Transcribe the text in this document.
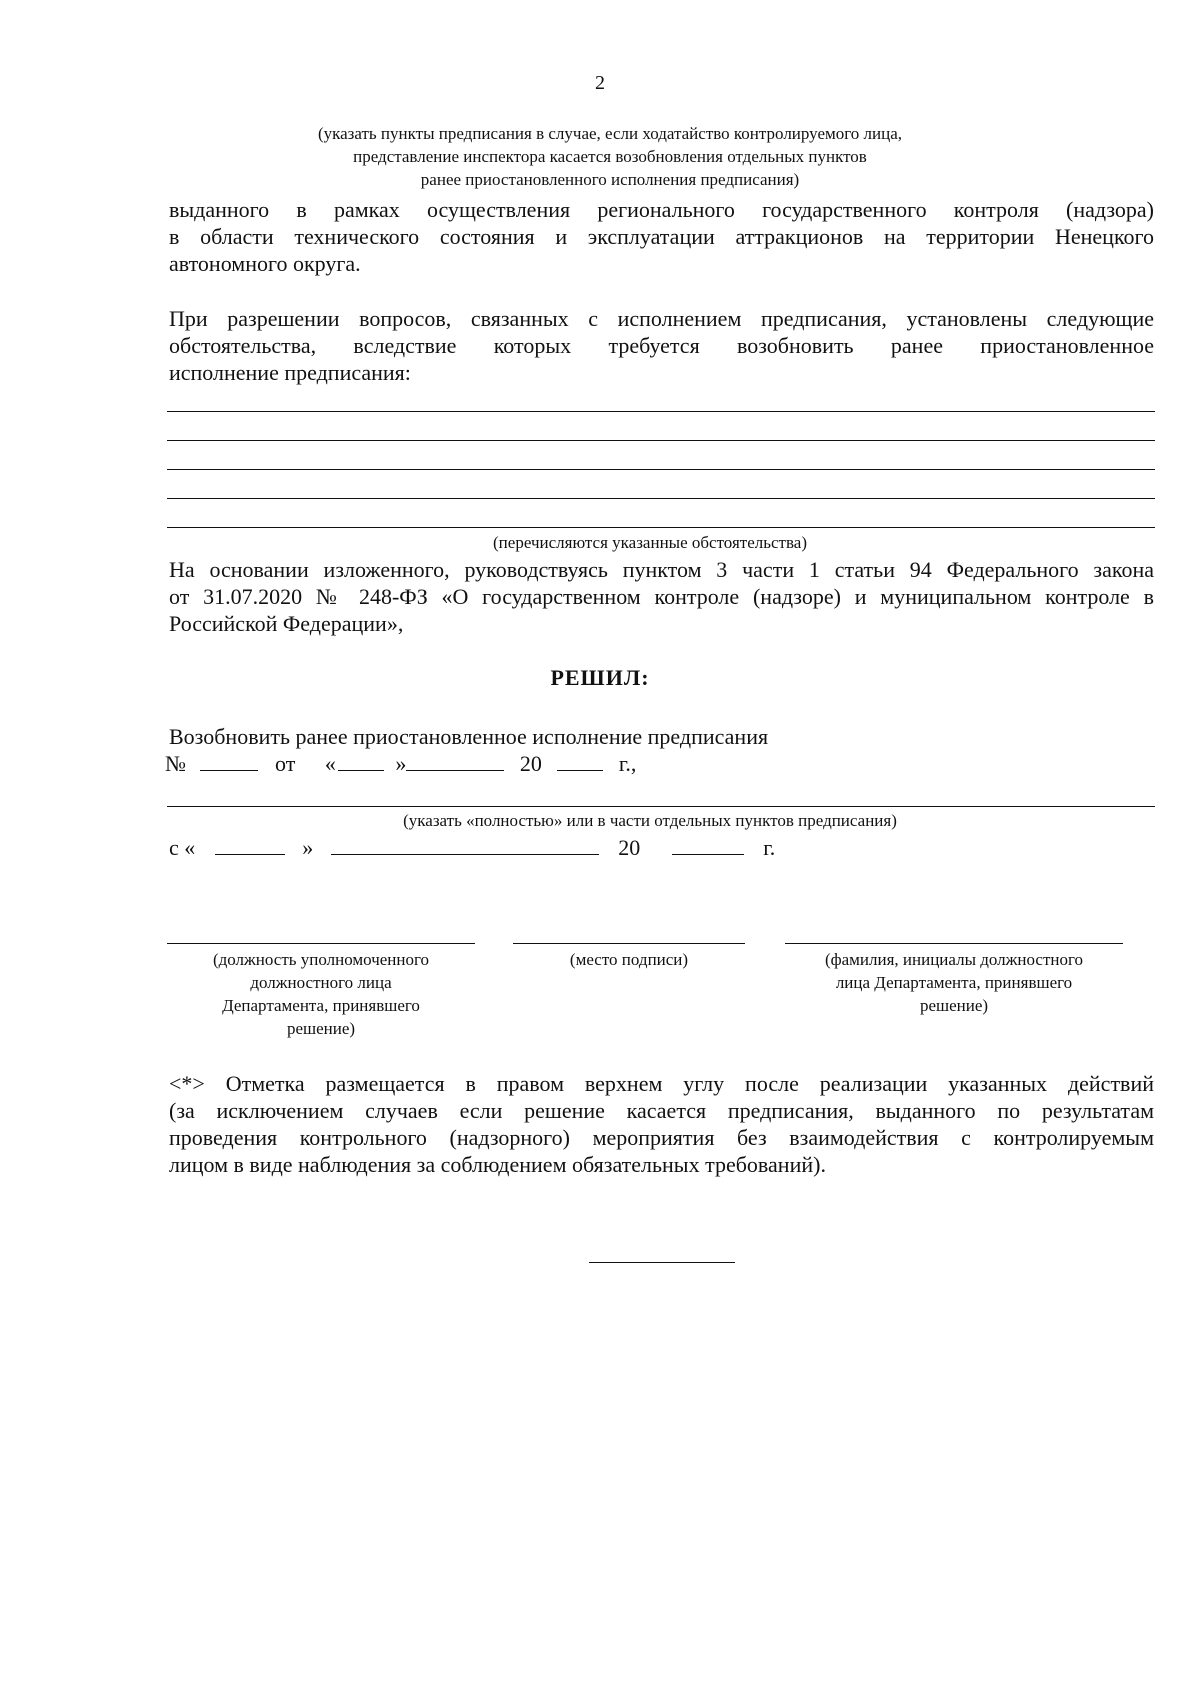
2
(указать пункты предписания в случае, если ходатайство контролируемого лица,
представление инспектора касается возобновления отдельных пунктов
ранее приостановленного исполнения предписания)
выданного в рамках осуществления регионального государственного контроля (надзора)
в области технического состояния и эксплуатации аттракционов на территории Ненецкого
автономного округа.
При разрешении вопросов, связанных с исполнением предписания, установлены следующие
обстоятельства, вследствие которых требуется возобновить ранее приостановленное
исполнение предписания:
(перечисляются указанные обстоятельства)
На основании изложенного, руководствуясь пунктом 3 части 1 статьи 94 Федерального закона
от 31.07.2020 № 248-ФЗ «О государственном контроле (надзоре) и муниципальном контроле в
Российской Федерации»,
РЕШИЛ:
Возобновить ранее приостановленное исполнение предписания
№	от «	»	20	г.,
(указать «полностью» или в части отдельных пунктов предписания)
с «	»	20	г.
(должность уполномоченного
должностного лица
Департамента, принявшего
решение)
(место подписи)	(фамилия, инициалы должностного
лица Департамента, принявшего
решение)
<*> Отметка размещается в правом верхнем углу после реализации указанных действий
(за исключением случаев если решение касается предписания, выданного по результатам
проведения контрольного (надзорного) мероприятия без взаимодействия с контролируемым
лицом в виде наблюдения за соблюдением обязательных требований).
